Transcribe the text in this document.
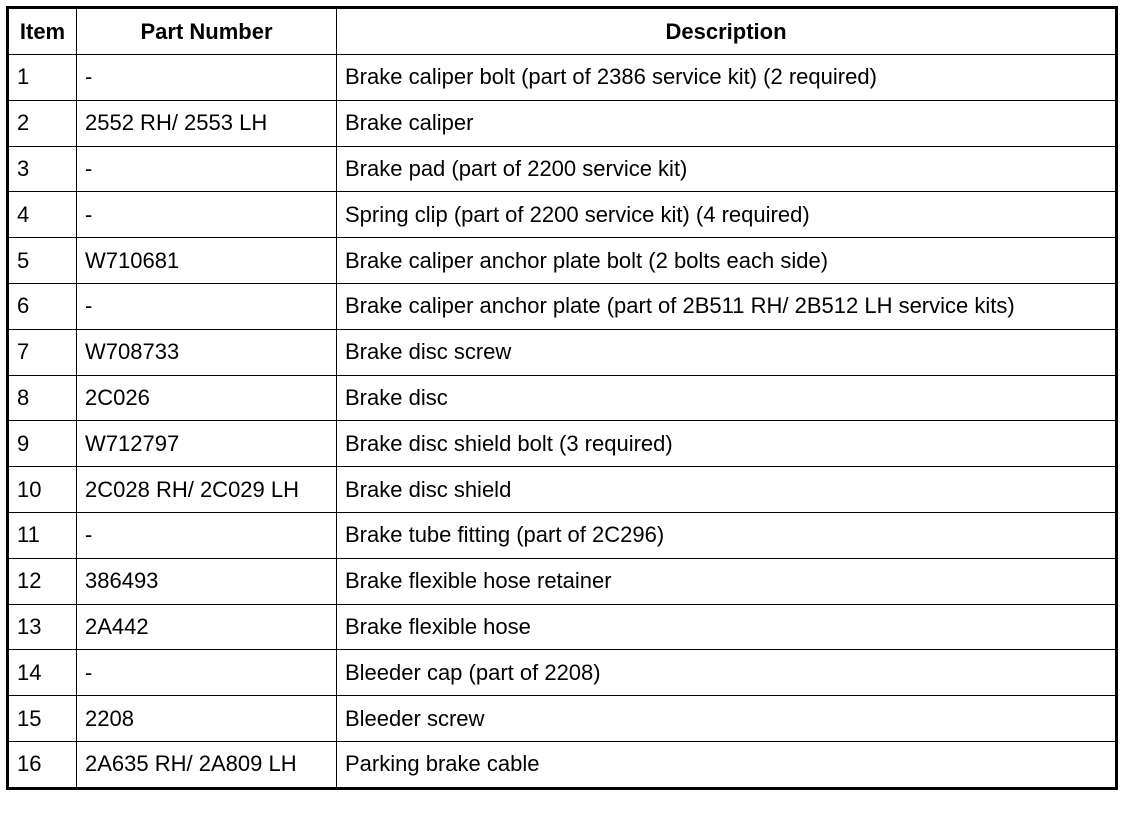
Item	Part Number	Description
1	-	Brake caliper bolt (part of 2386 service kit) (2 required)
2	2552 RH/ 2553 LH	Brake caliper
3	-	Brake pad (part of 2200 service kit)
4	-	Spring clip (part of 2200 service kit) (4 required)
5	W710681	Brake caliper anchor plate bolt (2 bolts each side)
6	-	Brake caliper anchor plate (part of 2B511 RH/ 2B512 LH service kits)
7	W708733	Brake disc screw
8	2C026	Brake disc
9	W712797	Brake disc shield bolt (3 required)
10	2C028 RH/ 2C029 LH	Brake disc shield
11	-	Brake tube fitting (part of 2C296)
12	386493	Brake flexible hose retainer
13	2A442	Brake flexible hose
14	-	Bleeder cap (part of 2208)
15	2208	Bleeder screw
16	2A635 RH/ 2A809 LH	Parking brake cable
